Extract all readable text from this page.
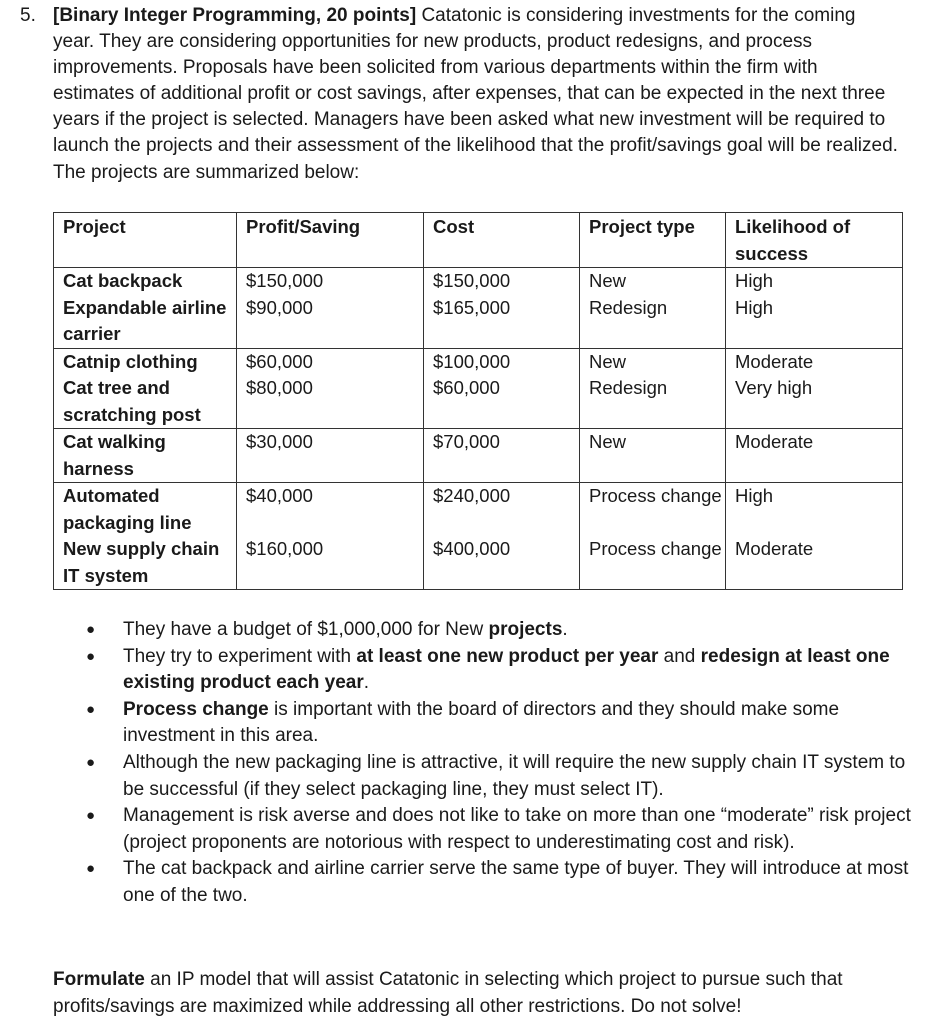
5. [Binary Integer Programming, 20 points] Catatonic is considering investments for the coming year. They are considering opportunities for new products, product redesigns, and process improvements. Proposals have been solicited from various departments within the firm with estimates of additional profit or cost savings, after expenses, that can be expected in the next three years if the project is selected. Managers have been asked what new investment will be required to launch the projects and their assessment of the likelihood that the profit/savings goal will be realized. The projects are summarized below:
Project	Profit/Saving	Cost	Project type	Likelihood of success
Cat backpack	$150,000	$150,000	New	High
Expandable airline carrier	$90,000	$165,000	Redesign	High
Catnip clothing	$60,000	$100,000	New	Moderate
Cat tree and scratching post	$80,000	$60,000	Redesign	Very high
Cat walking harness	$30,000	$70,000	New	Moderate
Automated packaging line	$40,000	$240,000	Process change	High
New supply chain IT system	$160,000	$400,000	Process change	Moderate
● They have a budget of $1,000,000 for New projects.
● They try to experiment with at least one new product per year and redesign at least one existing product each year.
● Process change is important with the board of directors and they should make some investment in this area.
● Although the new packaging line is attractive, it will require the new supply chain IT system to be successful (if they select packaging line, they must select IT).
● Management is risk averse and does not like to take on more than one “moderate” risk project (project proponents are notorious with respect to underestimating cost and risk).
● The cat backpack and airline carrier serve the same type of buyer. They will introduce at most one of the two.
Formulate an IP model that will assist Catatonic in selecting which project to pursue such that profits/savings are maximized while addressing all other restrictions. Do not solve!
